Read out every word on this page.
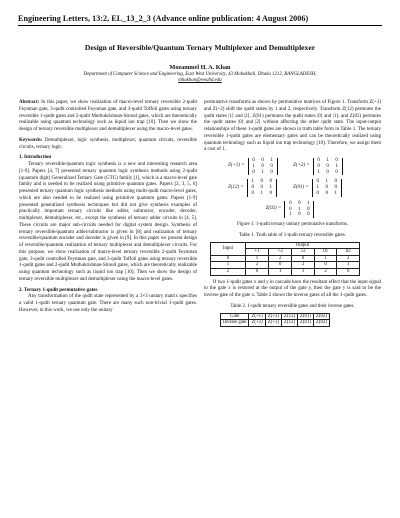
Engineering Letters, 13:2, EL_13_2_3 (Advance online publication: 4 August 2006)
Design of Reversible/Quantum Ternary Multiplexer and Demultiplexer
Mozammel H. A. Khan
Department of Computer Science and Engineering, East West University, 43 Mohakhali, Dhaka 1212, BANGLADESH,
mhakhan@ewubd.edu

Abstract: In this paper, we show realization of macro-level ternary reversible 2-qudit Feynman gate, 3-qudit controlled Feynman gate, and 3-qudit Toffoli gates using ternary reversible 1-qudit gates and 2-qudit Muthukrishnan-Stroud gates, which are theoretically realizable using quantum technology such as liquid ion trap [10]. Then we show the design of ternary reversible multiplexer and demultiplexer using the macro-level gates.

Keywords: Demultiplexer, logic synthesis, multiplexer, quantum circuits, reversible circuits, ternary logic.

1. Introduction

Ternary reversible/quantum logic synthesis is a new and interesting research area [1-9]. Papers [4, 7] presented ternary quantum logic synthesis methods using 2-qudit (quantum digit) Generalized Ternary Gate (GTG) family [1], which is a macro-level gate family and is needed to be realized using primitive quantum gates. Papers [2, 3, 5, 6] presented ternary quantum logic synthesis methods using multi-qudit macro-level gates, which are also needed to be realized using primitive quantum gates. Papers [1-9] presented generalized synthesis techniques but did not give synthesis examples of practically important ternary circuits like adder, subtractor, encoder, decoder, multiplexer, demultiplexer, etc., except the synthesis of ternary adder circuits in [4, 5]. These circuits are major sub-circuits needed for digital system design. Synthesis of ternary reversible/quantum adder/subtractor is given in [8] and realization of ternary reversible/quantum encoder and decoder is given in [9]. In this paper we present design of reversible/quantum realization of ternary multiplexer and demultiplexer circuits. For this purpose, we show realization of macro-level ternary reversible 2-qudit Feynman gate, 3-qudit controlled Feynman gate, and 3-qudit Toffoli gates using ternary reversible 1-qudit gates and 2-qudit Muthukrishnan-Stroud gates, which are theoretically realizable using quantum technology such as liquid ion trap [10]. Then we show the design of ternary reversible multiplexer and demultiplexer using the macro-level gates.

2. Ternary 1-qudit permutative gates

Any transformation of the qudit state represented by a 3×3 unitary matrix specifies a valid 1-qudit ternary quantum gate. There are many such non-trivial 1-qudit gates. However, in this work, we use only the unitary

permutative transforms as shown by permutative matrices of Figure 1. Transform Z(+1) and Z(+2) shift the qudit states by 1 and 2, respectively. Transform Z(12) permutes the qudit states |1⟩ and |2⟩, Z(01) permutes the qudit states |0⟩ and |1⟩, and Z(02) permutes the qudit states |0⟩ and |2⟩ without affecting the other qudit state. The input-output relationships of these 1-qudit gates are shown in truth table form in Table 1. The ternary reversible 1-qudit gates are elementary gates and can be theoretically realized using quantum technology such as liquid ion trap technology [10]. Therefore, we assign them a cost of 1.

Z(+1) =
0 0 1
1 0 0
0 1 0
Z(+2) =
0 1 0
0 0 1
1 0 0
Z(12) =
1 0 0
0 0 1
0 1 0
Z(01) =
0 1 0
1 0 0
0 0 1
Z(02) =
0 0 1
0 1 0
1 0 0
Figure 1. 1-qudit ternary unitary permutative transforms.
Table 1. Truth table of 1-qudit ternary reversible gates.
Input	Output				
	+1	+2	12	01	02
0	1	2	0	1	2
1	2	0	2	0	1
2	0	1	1	2	0

If two 1-qudit gates x and y in cascade have the resultant effect that the input signal to the gate x is restored at the output of the gate y, then the gate y is said to be the inverse gate of the gate x. Table 2 shows the inverse gates of all the 1-qudit gates.

Table 2. 1-qudit ternary reversible gates and their inverse gates.
Gate	Z(+1)	Z(+2)	Z(12)	Z(01)	Z(02)
Inverse gate	Z(+2)	Z(+1)	Z(12)	Z(01)	Z(02)
